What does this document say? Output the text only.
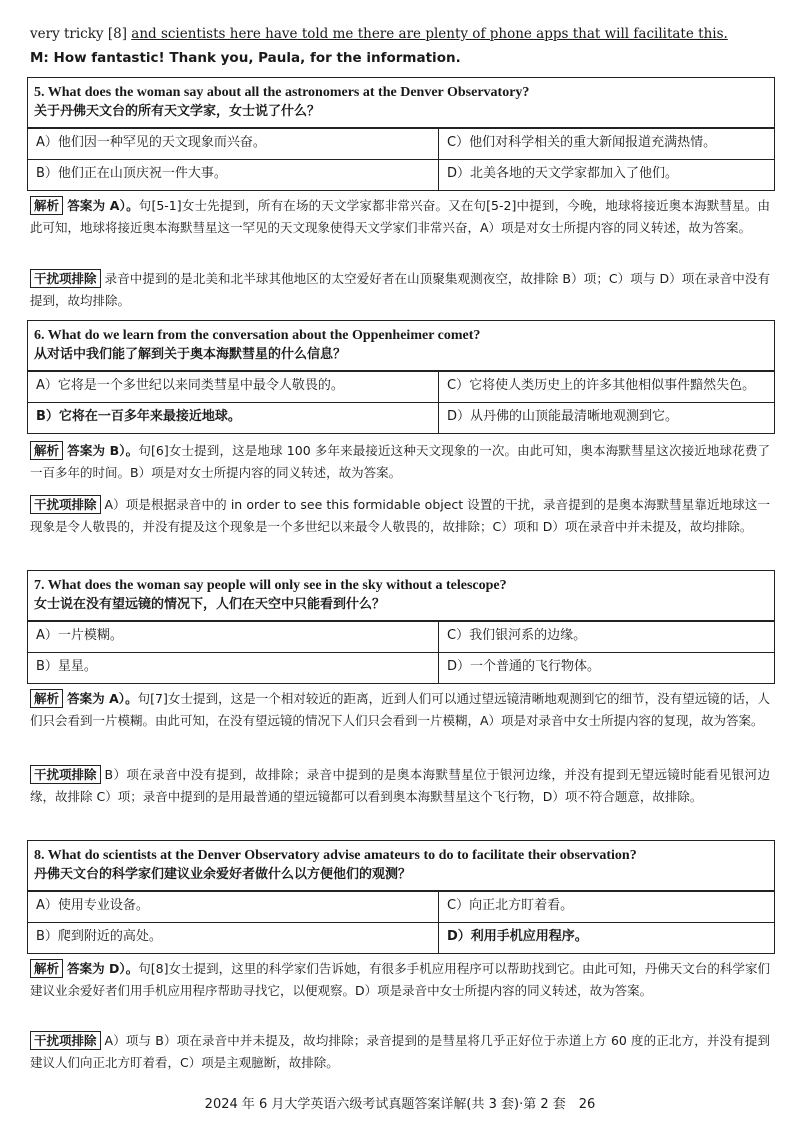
very tricky [8] and scientists here have told me there are plenty of phone apps that will facilitate this.
M: How fantastic! Thank you, Paula, for the information.
5. What does the woman say about all the astronomers at the Denver Observatory?
关于丹佛天文台的所有天文学家，女士说了什么？
A）他们因一种罕见的天文现象而兴奋。	C）他们对科学相关的重大新闻报道充满热情。
B）他们正在山顶庆祝一件大事。	D）北美各地的天文学家都加入了他们。
解析 答案为 A）。句[5-1]女士先提到，所有在场的天文学家都非常兴奋。又在句[5-2]中提到，今晚，地球将接近奥本海默彗星。由此可知，地球将接近奥本海默彗星这一罕见的天文现象使得天文学家们非常兴奋，A）项是对女士所提内容的同义转述，故为答案。
干扰项排除 录音中提到的是北美和北半球其他地区的太空爱好者在山顶聚集观测夜空，故排除 B）项；C）项与 D）项在录音中没有提到，故均排除。
6. What do we learn from the conversation about the Oppenheimer comet?
从对话中我们能了解到关于奥本海默彗星的什么信息？
A）它将是一个多世纪以来同类彗星中最令人敬畏的。	C）它将使人类历史上的许多其他相似事件黯然失色。
B）它将在一百多年来最接近地球。	D）从丹佛的山顶能最清晰地观测到它。
解析 答案为 B）。句[6]女士提到，这是地球 100 多年来最接近这种天文现象的一次。由此可知，奥本海默彗星这次接近地球花费了一百多年的时间。B）项是对女士所提内容的同义转述，故为答案。
干扰项排除 A）项是根据录音中的 in order to see this formidable object 设置的干扰，录音提到的是奥本海默彗星靠近地球这一现象是令人敬畏的，并没有提及这个现象是一个多世纪以来最令人敬畏的，故排除；C）项和 D）项在录音中并未提及，故均排除。
7. What does the woman say people will only see in the sky without a telescope?
女士说在没有望远镜的情况下，人们在天空中只能看到什么？
A）一片模糊。	C）我们银河系的边缘。
B）星星。	D）一个普通的飞行物体。
解析 答案为 A）。句[7]女士提到，这是一个相对较近的距离，近到人们可以通过望远镜清晰地观测到它的细节，没有望远镜的话，人们只会看到一片模糊。由此可知，在没有望远镜的情况下人们只会看到一片模糊，A）项是对录音中女士所提内容的复现，故为答案。
干扰项排除 B）项在录音中没有提到，故排除；录音中提到的是奥本海默彗星位于银河边缘，并没有提到无望远镜时能看见银河边缘，故排除 C）项；录音中提到的是用最普通的望远镜都可以看到奥本海默彗星这个飞行物，D）项不符合题意，故排除。
8. What do scientists at the Denver Observatory advise amateurs to do to facilitate their observation?
丹佛天文台的科学家们建议业余爱好者做什么以方便他们的观测？
A）使用专业设备。	C）向正北方盯着看。
B）爬到附近的高处。	D）利用手机应用程序。
解析 答案为 D）。句[8]女士提到，这里的科学家们告诉她，有很多手机应用程序可以帮助找到它。由此可知，丹佛天文台的科学家们建议业余爱好者们用手机应用程序帮助寻找它，以便观察。D）项是录音中女士所提内容的同义转述，故为答案。
干扰项排除 A）项与 B）项在录音中并未提及，故均排除；录音提到的是彗星将几乎正好位于赤道上方 60 度的正北方，并没有提到建议人们向正北方盯着看，C）项是主观臆断，故排除。
2024 年 6 月大学英语六级考试真题答案详解(共 3 套)·第 2 套　26
